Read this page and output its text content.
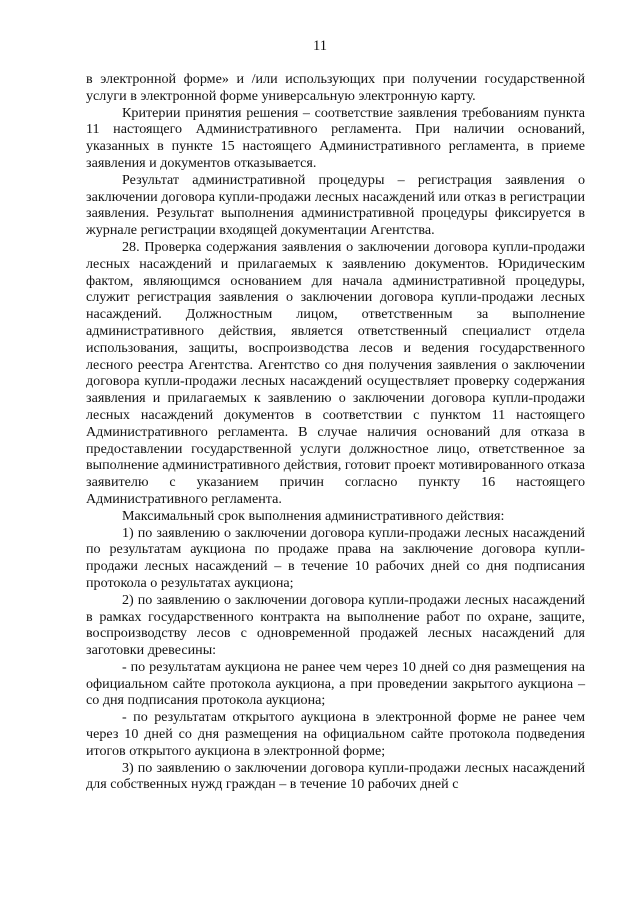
11

в электронной форме» и /или использующих при получении государственной услуги в электронной форме универсальную электронную карту.

Критерии принятия решения – соответствие заявления требованиям пункта 11 настоящего Административного регламента. При наличии оснований, указанных в пункте 15 настоящего Административного регламента, в приеме заявления и документов отказывается.

Результат административной процедуры – регистрация заявления о заключении договора купли-продажи лесных насаждений или отказ в регистрации заявления. Результат выполнения административной процедуры фиксируется в журнале регистрации входящей документации Агентства.

28. Проверка содержания заявления о заключении договора купли-продажи лесных насаждений и прилагаемых к заявлению документов. Юридическим фактом, являющимся основанием для начала административной процедуры, служит регистрация заявления о заключении договора купли-продажи лесных насаждений. Должностным лицом, ответственным за выполнение административного действия, является ответственный специалист отдела использования, защиты, воспроизводства лесов и ведения государственного лесного реестра Агентства. Агентство со дня получения заявления о заключении договора купли-продажи лесных насаждений осуществляет проверку содержания заявления и прилагаемых к заявлению о заключении договора купли-продажи лесных насаждений документов в соответствии с пунктом 11 настоящего Административного регламента. В случае наличия оснований для отказа в предоставлении государственной услуги должностное лицо, ответственное за выполнение административного действия, готовит проект мотивированного отказа заявителю с указанием причин согласно пункту 16 настоящего Административного регламента.

Максимальный срок выполнения административного действия:

1) по заявлению о заключении договора купли-продажи лесных насаждений по результатам аукциона по продаже права на заключение договора купли-продажи лесных насаждений – в течение 10 рабочих дней со дня подписания протокола о результатах аукциона;

2) по заявлению о заключении договора купли-продажи лесных насаждений в рамках государственного контракта на выполнение работ по охране, защите, воспроизводству лесов с одновременной продажей лесных насаждений для заготовки древесины:

- по результатам аукциона не ранее чем через 10 дней со дня размещения на официальном сайте протокола аукциона, а при проведении закрытого аукциона – со дня подписания протокола аукциона;

- по результатам открытого аукциона в электронной форме не ранее чем через 10 дней со дня размещения на официальном сайте протокола подведения итогов открытого аукциона в электронной форме;

3) по заявлению о заключении договора купли-продажи лесных насаждений для собственных нужд граждан – в течение 10 рабочих дней с
